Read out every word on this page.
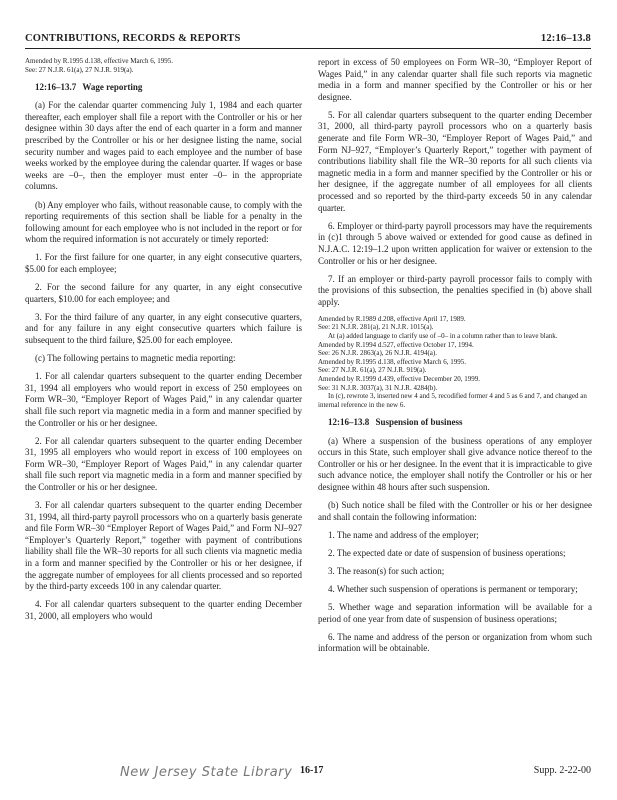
CONTRIBUTIONS, RECORDS & REPORTS	12:16–13.8

Amended by R.1995 d.138, effective March 6, 1995.

See: 27 N.J.R. 61(a), 27 N.J.R. 919(a).

12:16–13.7 Wage reporting

(a) For the calendar quarter commencing July 1, 1984 and each quarter thereafter, each employer shall file a report with the Controller or his or her designee within 30 days after the end of each quarter in a form and manner prescribed by the Controller or his or her designee listing the name, social security number and wages paid to each employee and the number of base weeks worked by the employee during the calendar quarter. If wages or base weeks are –0–, then the employer must enter –0– in the appropriate columns.

(b) Any employer who fails, without reasonable cause, to comply with the reporting requirements of this section shall be liable for a penalty in the following amount for each employee who is not included in the report or for whom the required information is not accurately or timely reported:

1. For the first failure for one quarter, in any eight consecutive quarters, $5.00 for each employee;

2. For the second failure for any quarter, in any eight consecutive quarters, $10.00 for each employee; and

3. For the third failure of any quarter, in any eight consecutive quarters, and for any failure in any eight consecutive quarters which failure is subsequent to the third failure, $25.00 for each employee.

(c) The following pertains to magnetic media reporting:

1. For all calendar quarters subsequent to the quarter ending December 31, 1994 all employers who would report in excess of 250 employees on Form WR–30, “Employer Report of Wages Paid,” in any calendar quarter shall file such report via magnetic media in a form and manner specified by the Controller or his or her designee.

2. For all calendar quarters subsequent to the quarter ending December 31, 1995 all employers who would report in excess of 100 employees on Form WR–30, “Employer Report of Wages Paid,” in any calendar quarter shall file such report via magnetic media in a form and manner specified by the Controller or his or her designee.

3. For all calendar quarters subsequent to the quarter ending December 31, 1994, all third-party payroll processors who on a quarterly basis generate and file Form WR–30 “Employer Report of Wages Paid,” and Form NJ–927 “Employer’s Quarterly Report,” together with payment of contributions liability shall file the WR–30 reports for all such clients via magnetic media in a form and manner specified by the Controller or his or her designee, if the aggregate number of employees for all clients processed and so reported by the third-party exceeds 100 in any calendar quarter.

4. For all calendar quarters subsequent to the quarter ending December 31, 2000, all employers who would

report in excess of 50 employees on Form WR–30, “Employer Report of Wages Paid,” in any calendar quarter shall file such reports via magnetic media in a form and manner specified by the Controller or his or her designee.

5. For all calendar quarters subsequent to the quarter ending December 31, 2000, all third-party payroll processors who on a quarterly basis generate and file Form WR–30, “Employer Report of Wages Paid,” and Form NJ–927, “Employer’s Quarterly Report,” together with payment of contributions liability shall file the WR–30 reports for all such clients via magnetic media in a form and manner specified by the Controller or his or her designee, if the aggregate number of all employees for all clients processed and so reported by the third-party exceeds 50 in any calendar quarter.

6. Employer or third-party payroll processors may have the requirements in (c)1 through 5 above waived or extended for good cause as defined in N.J.A.C. 12:19–1.2 upon written application for waiver or extension to the Controller or his or her designee.

7. If an employer or third-party payroll processor fails to comply with the provisions of this subsection, the penalties specified in (b) above shall apply.

Amended by R.1989 d.208, effective April 17, 1989.

See: 21 N.J.R. 281(a), 21 N.J.R. 1015(a).

At (a) added language to clarify use of –0– in a column rather than to leave blank.

Amended by R.1994 d.527, effective October 17, 1994.

See: 26 N.J.R. 2863(a), 26 N.J.R. 4194(a).

Amended by R.1995 d.138, effective March 6, 1995.

See: 27 N.J.R. 61(a), 27 N.J.R. 919(a).

Amended by R.1999 d.439, effective December 20, 1999.

See: 31 N.J.R. 3037(a), 31 N.J.R. 4284(b).

In (c), rewrote 3, inserted new 4 and 5, recodified former 4 and 5 as 6 and 7, and changed an internal reference in the new 6.

12:16–13.8 Suspension of business

(a) Where a suspension of the business operations of any employer occurs in this State, such employer shall give advance notice thereof to the Controller or his or her designee. In the event that it is impracticable to give such advance notice, the employer shall notify the Controller or his or her designee within 48 hours after such suspension.

(b) Such notice shall be filed with the Controller or his or her designee and shall contain the following information:

1. The name and address of the employer;

2. The expected date or date of suspension of business operations;

3. The reason(s) for such action;

4. Whether such suspension of operations is permanent or temporary;

5. Whether wage and separation information will be available for a period of one year from date of suspension of business operations;

6. The name and address of the person or organization from whom such information will be obtainable.

New Jersey State Library 16-17	Supp. 2-22-00
